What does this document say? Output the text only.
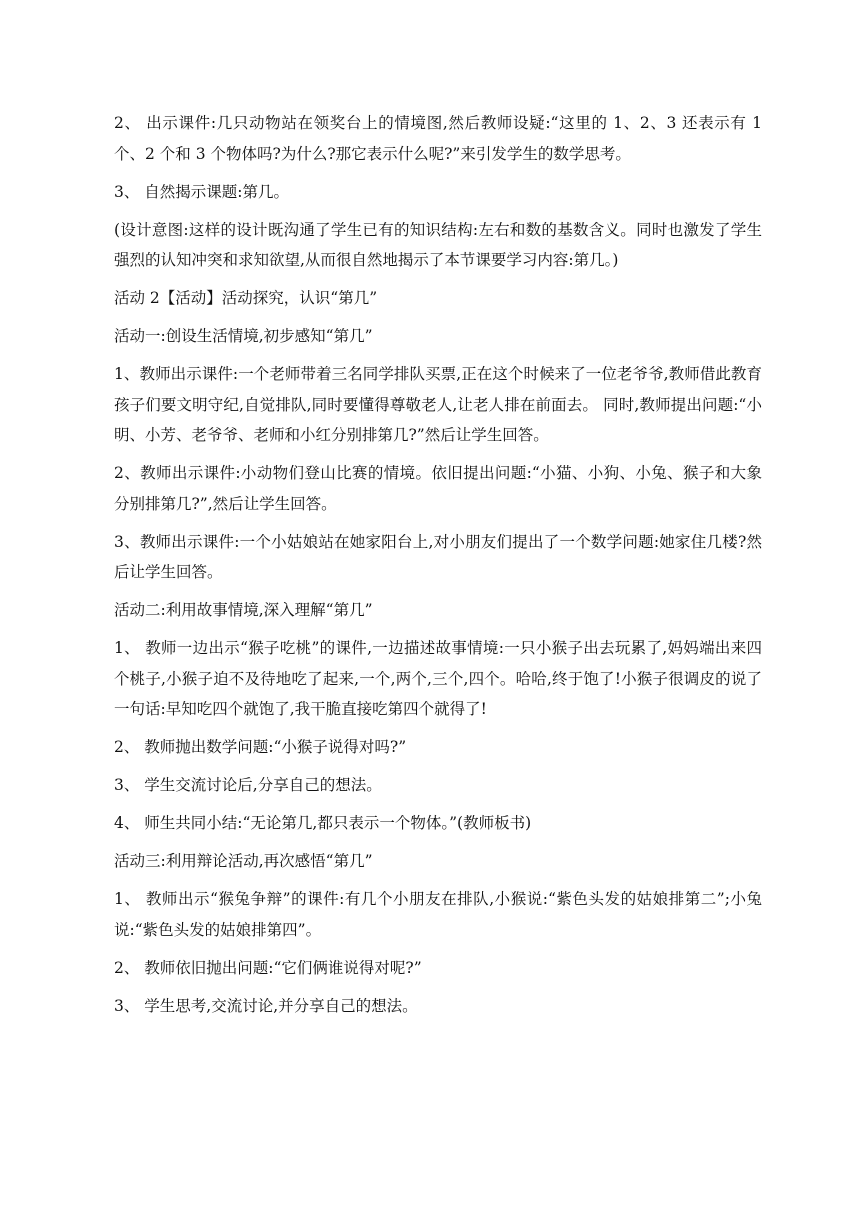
2、 出示课件:几只动物站在领奖台上的情境图,然后教师设疑:“这里的 1、2、3 还表示有 1 个、2 个和 3 个物体吗?为什么?那它表示什么呢?”来引发学生的数学思考。

3、 自然揭示课题:第几。

(设计意图:这样的设计既沟通了学生已有的知识结构:左右和数的基数含义。同时也激发了学生强烈的认知冲突和求知欲望,从而很自然地揭示了本节课要学习内容:第几。)

活动 2【活动】活动探究，认识“第几”

活动一:创设生活情境,初步感知“第几”

1、教师出示课件:一个老师带着三名同学排队买票,正在这个时候来了一位老爷爷,教师借此教育孩子们要文明守纪,自觉排队,同时要懂得尊敬老人,让老人排在前面去。 同时,教师提出问题:“小明、小芳、老爷爷、老师和小红分别排第几?”然后让学生回答。

2、教师出示课件:小动物们登山比赛的情境。依旧提出问题:“小猫、小狗、小兔、猴子和大象分别排第几?”,然后让学生回答。

3、教师出示课件:一个小姑娘站在她家阳台上,对小朋友们提出了一个数学问题:她家住几楼?然后让学生回答。

活动二:利用故事情境,深入理解“第几”

1、 教师一边出示“猴子吃桃”的课件,一边描述故事情境:一只小猴子出去玩累了,妈妈端出来四个桃子,小猴子迫不及待地吃了起来,一个,两个,三个,四个。哈哈,终于饱了!小猴子很调皮的说了一句话:早知吃四个就饱了,我干脆直接吃第四个就得了!

2、 教师抛出数学问题:“小猴子说得对吗?”

3、 学生交流讨论后,分享自己的想法。

4、 师生共同小结:“无论第几,都只表示一个物体。”(教师板书)

活动三:利用辩论活动,再次感悟“第几”

1、 教师出示“猴兔争辩”的课件:有几个小朋友在排队,小猴说:“紫色头发的姑娘排第二”;小兔说:“紫色头发的姑娘排第四”。

2、 教师依旧抛出问题:“它们俩谁说得对呢?”

3、 学生思考,交流讨论,并分享自己的想法。
